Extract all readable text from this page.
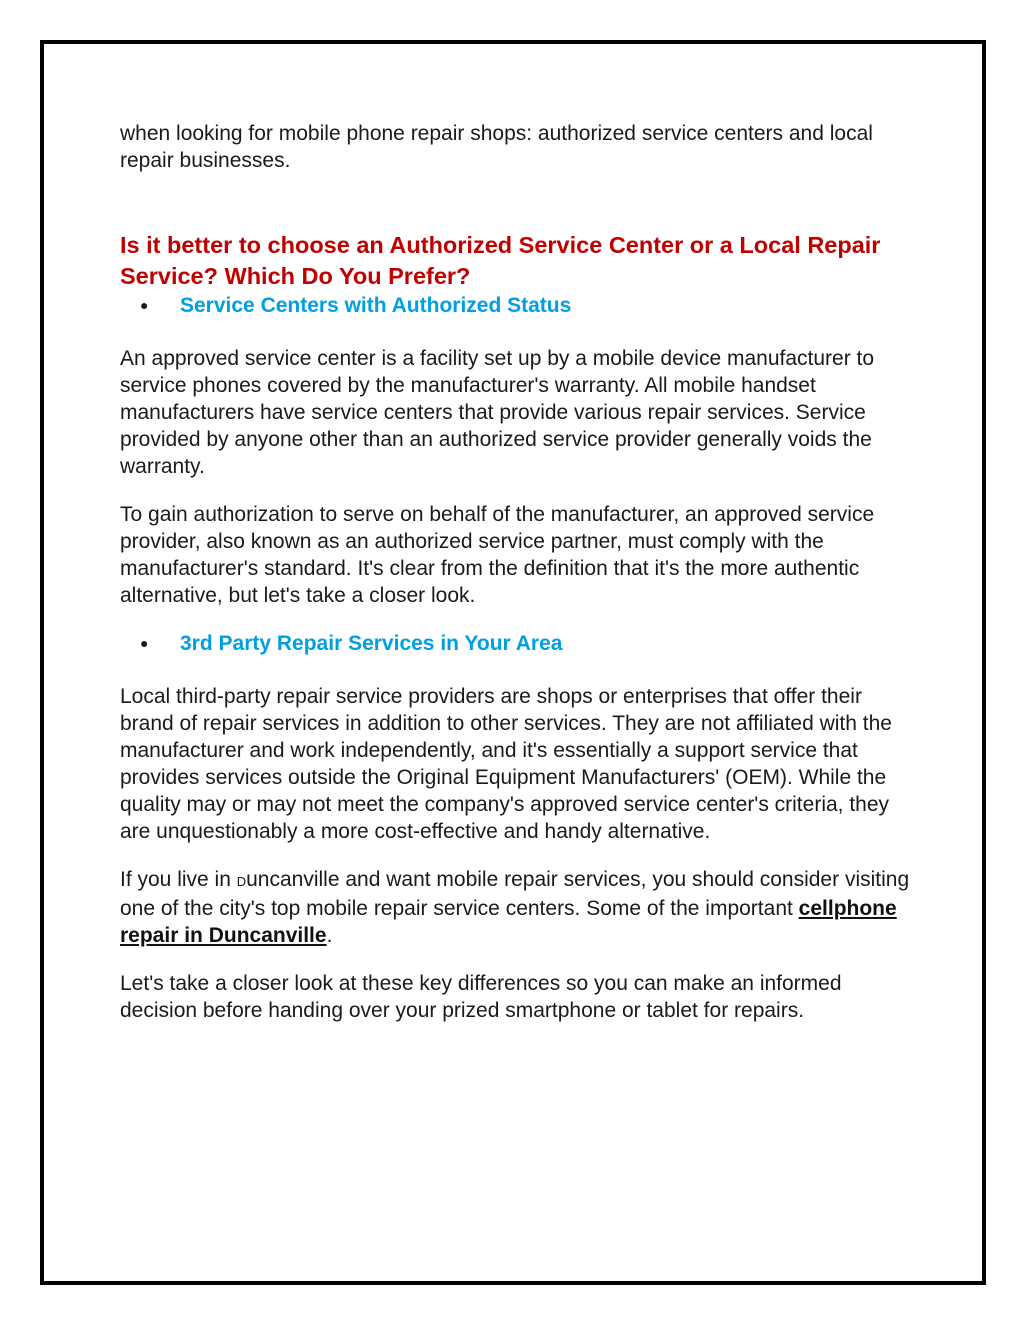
when looking for mobile phone repair shops: authorized service centers and local repair businesses.

Is it better to choose an Authorized Service Center or a Local Repair Service? Which Do You Prefer?

● Service Centers with Authorized Status

An approved service center is a facility set up by a mobile device manufacturer to service phones covered by the manufacturer's warranty. All mobile handset manufacturers have service centers that provide various repair services. Service provided by anyone other than an authorized service provider generally voids the warranty.

To gain authorization to serve on behalf of the manufacturer, an approved service provider, also known as an authorized service partner, must comply with the manufacturer's standard. It's clear from the definition that it's the more authentic alternative, but let's take a closer look.

● 3rd Party Repair Services in Your Area

Local third-party repair service providers are shops or enterprises that offer their brand of repair services in addition to other services. They are not affiliated with the manufacturer and work independently, and it's essentially a support service that provides services outside the Original Equipment Manufacturers' (OEM). While the quality may or may not meet the company's approved service center's criteria, they are unquestionably a more cost-effective and handy alternative.

If you live in Duncanville and want mobile repair services, you should consider visiting one of the city's top mobile repair service centers. Some of the important cellphone repair in Duncanville.

Let's take a closer look at these key differences so you can make an informed decision before handing over your prized smartphone or tablet for repairs.
